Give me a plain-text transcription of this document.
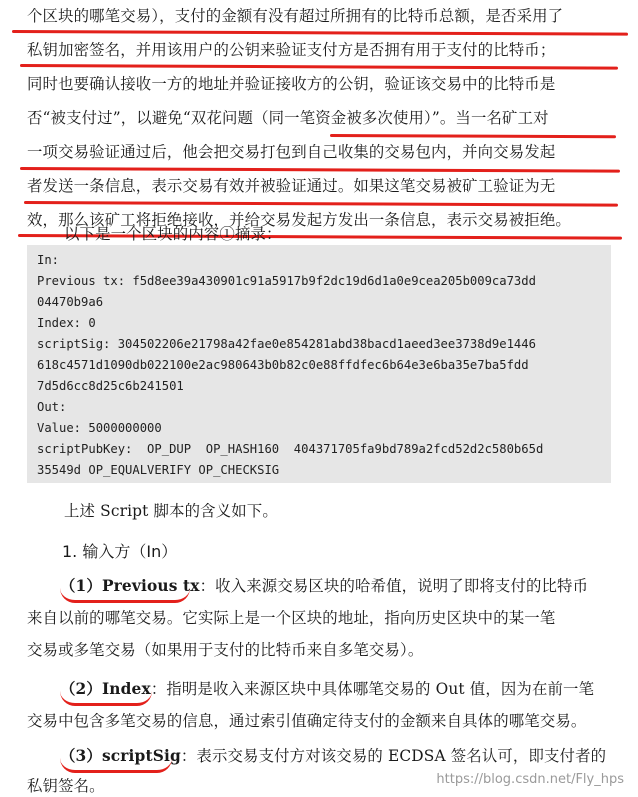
个区块的哪笔交易），支付的金额有没有超过所拥有的比特币总额，是否采用了
私钥加密签名，并用该用户的公钥来验证支付方是否拥有用于支付的比特币；
同时也要确认接收一方的地址并验证接收方的公钥，验证该交易中的比特币是
否“被支付过”，以避免“双花问题（同一笔资金被多次使用）”。当一名矿工对
一项交易验证通过后，他会把交易打包到自己收集的交易包内，并向交易发起
者发送一条信息，表示交易有效并被验证通过。如果这笔交易被矿工验证为无
效，那么该矿工将拒绝接收，并给交易发起方发出一条信息，表示交易被拒绝。
以下是一个区块的内容①摘录：
In:
Previous tx: f5d8ee39a430901c91a5917b9f2dc19d6d1a0e9cea205b009ca73dd
04470b9a6
Index: 0
scriptSig: 304502206e21798a42fae0e854281abd38bacd1aeed3ee3738d9e1446
618c4571d1090db022100e2ac980643b0b82c0e88ffdfec6b64e3e6ba35e7ba5fdd
7d5d6cc8d25c6b241501
Out:
Value: 5000000000
scriptPubKey:  OP_DUP  OP_HASH160  404371705fa9bd789a2fcd52d2c580b65d
35549d OP_EQUALVERIFY OP_CHECKSIG
上述 Script 脚本的含义如下。
1. 输入方（In）
（1）Previous tx：收入来源交易区块的哈希值，说明了即将支付的比特币
来自以前的哪笔交易。它实际上是一个区块的地址，指向历史区块中的某一笔
交易或多笔交易（如果用于支付的比特币来自多笔交易）。
（2）Index：指明是收入来源区块中具体哪笔交易的 Out 值，因为在前一笔
交易中包含多笔交易的信息，通过索引值确定待支付的金额来自具体的哪笔交易。
（3）scriptSig：表示交易支付方对该交易的 ECDSA 签名认可，即支付者的
私钥签名。	https://blog.csdn.net/Fly_hps
